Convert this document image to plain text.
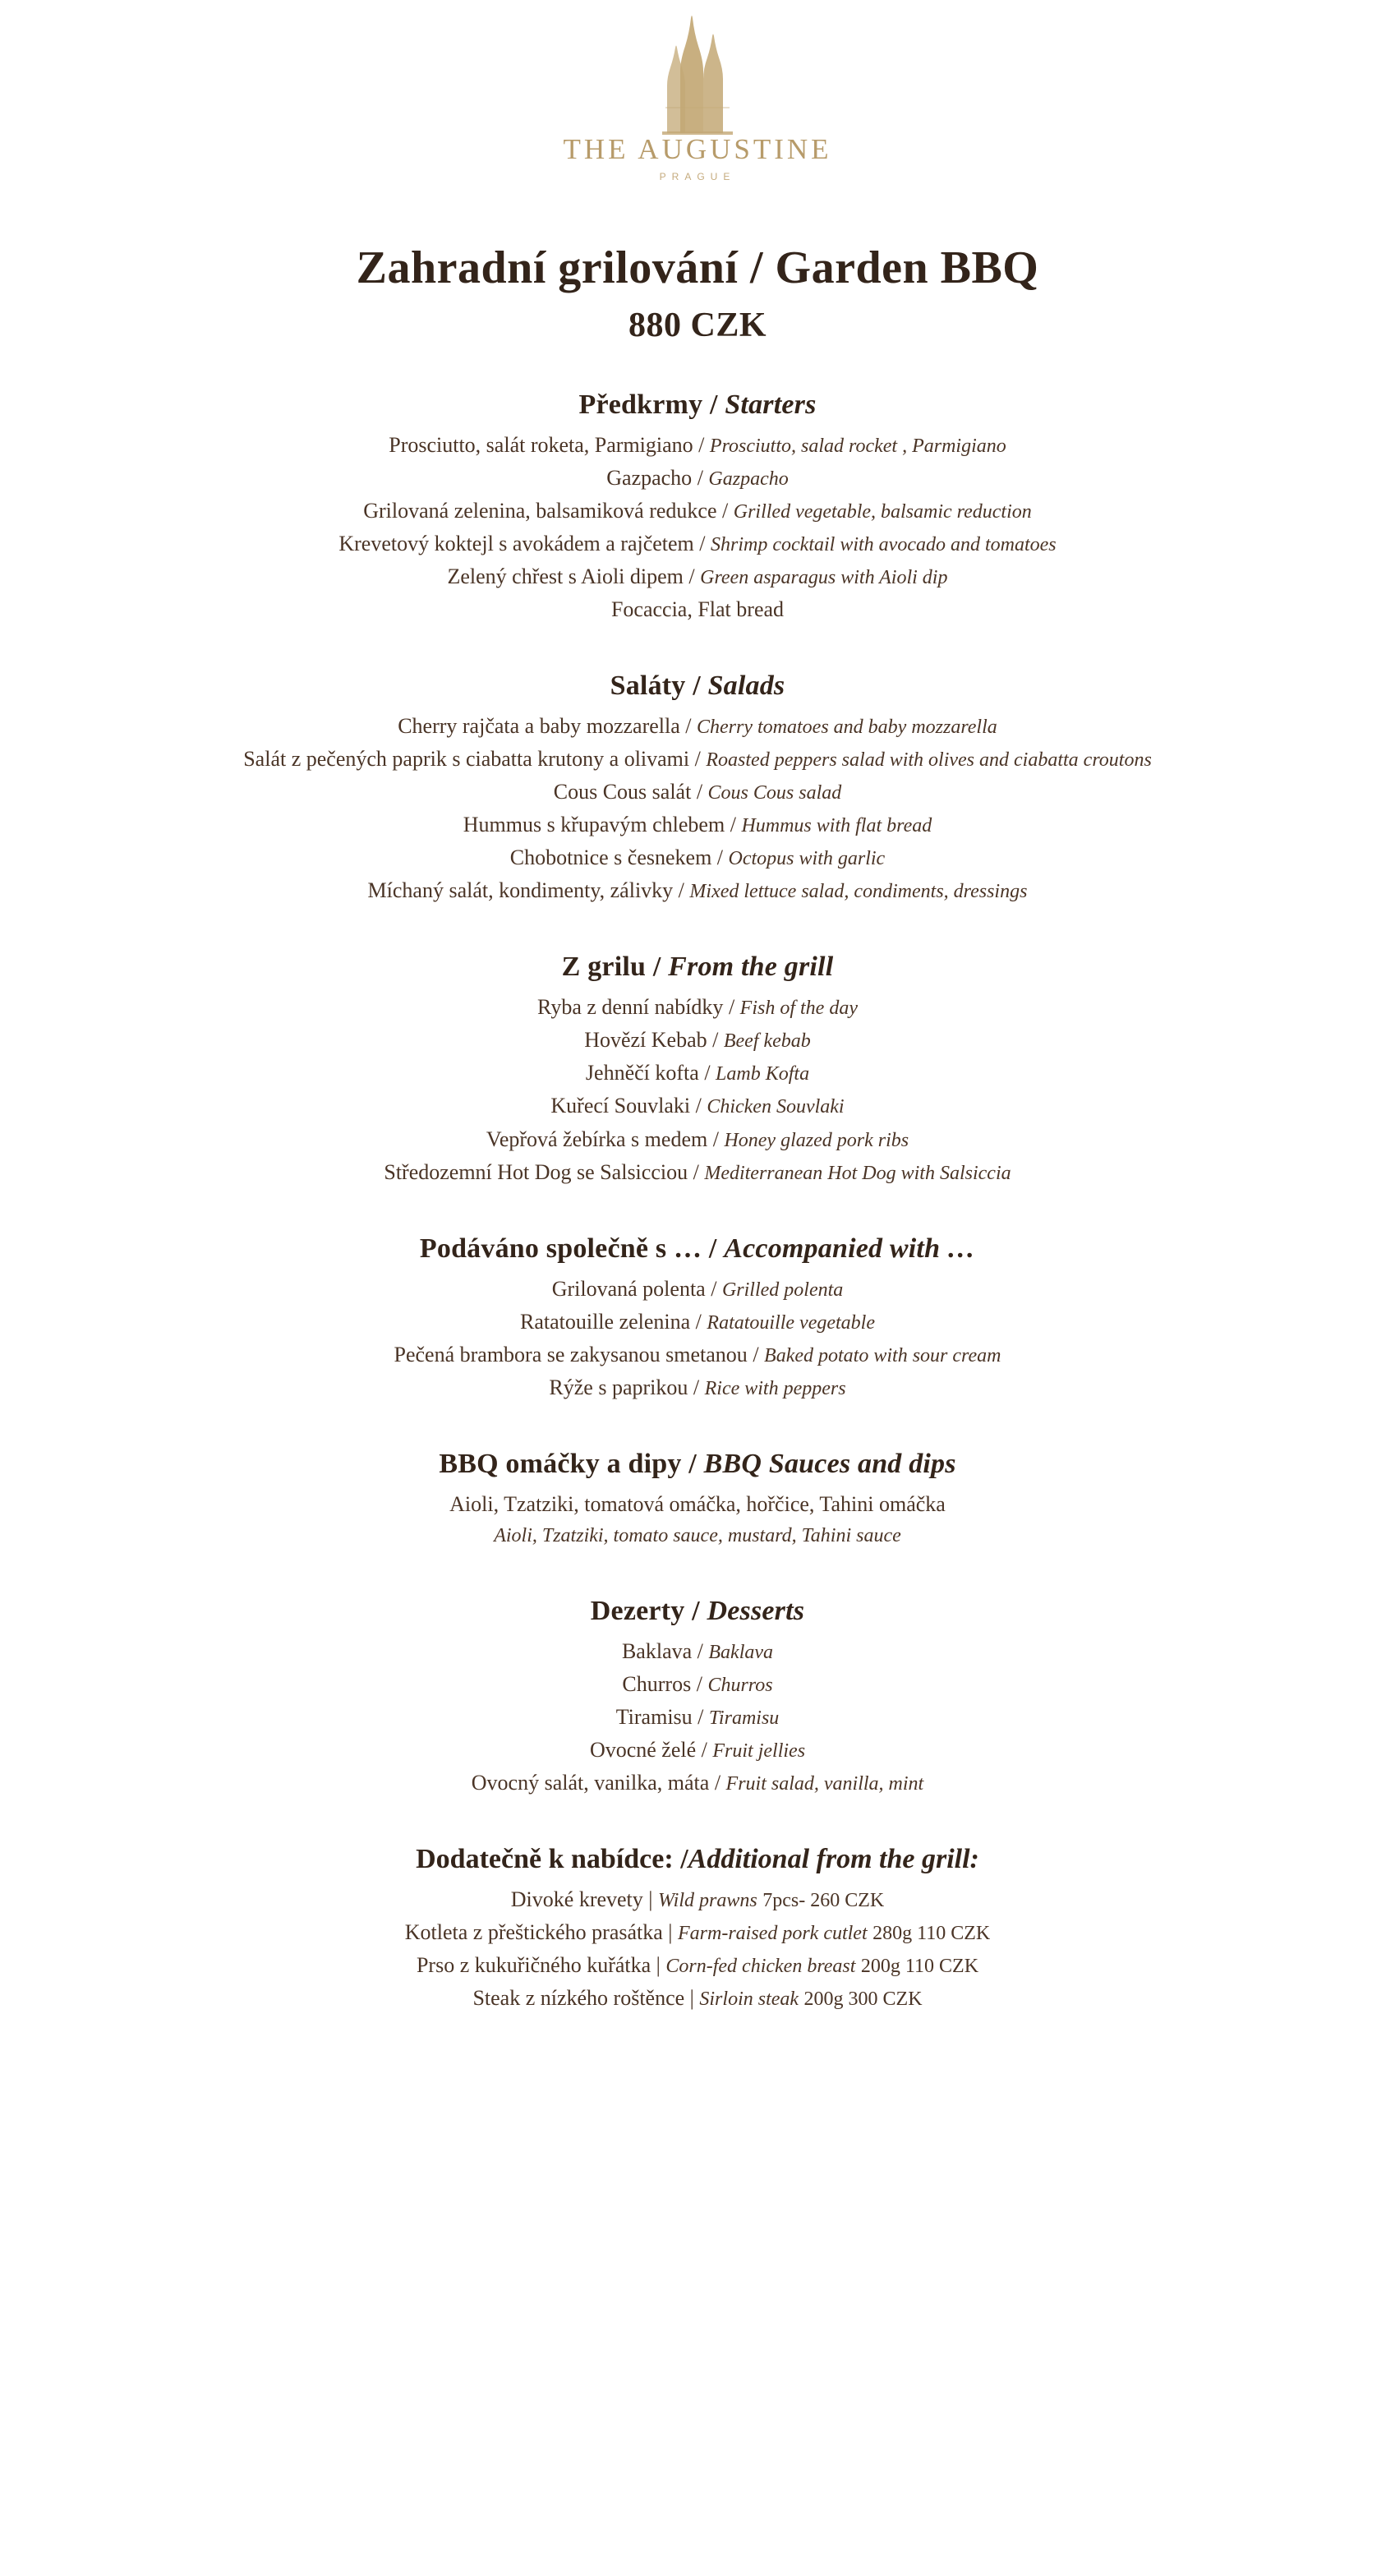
THE AUGUSTINE
PRAGUE
Zahradní grilování / Garden BBQ
880 CZK
Předkrmy / Starters
Prosciutto, salát roketa, Parmigiano / Prosciutto, salad rocket , Parmigiano
Gazpacho / Gazpacho
Grilovaná zelenina, balsamiková redukce / Grilled vegetable, balsamic reduction
Krevetový koktejl s avokádem a rajčetem / Shrimp cocktail with avocado and tomatoes
Zelený chřest s Aioli dipem / Green asparagus with Aioli dip
Focaccia, Flat bread
Saláty / Salads
Cherry rajčata a baby mozzarella / Cherry tomatoes and baby mozzarella
Salát z pečených paprik s ciabatta krutony a olivami / Roasted peppers salad with olives and ciabatta croutons
Cous Cous salát / Cous Cous salad
Hummus s křupavým chlebem / Hummus with flat bread
Chobotnice s česnekem / Octopus with garlic
Míchaný salát, kondimenty, zálivky / Mixed lettuce salad, condiments, dressings
Z grilu / From the grill
Ryba z denní nabídky / Fish of the day
Hovězí Kebab / Beef kebab
Jehněčí kofta / Lamb Kofta
Kuřecí Souvlaki / Chicken Souvlaki
Vepřová žebírka s medem / Honey glazed pork ribs
Středozemní Hot Dog se Salsicciou / Mediterranean Hot Dog with Salsiccia
Podáváno společně s … / Accompanied with …
Grilovaná polenta / Grilled polenta
Ratatouille zelenina / Ratatouille vegetable
Pečená brambora se zakysanou smetanou / Baked potato with sour cream
Rýže s paprikou / Rice with peppers
BBQ omáčky a dipy / BBQ Sauces and dips
Aioli, Tzatziki, tomatová omáčka, hořčice, Tahini omáčka
Aioli, Tzatziki, tomato sauce, mustard, Tahini sauce
Dezerty / Desserts
Baklava / Baklava
Churros / Churros
Tiramisu / Tiramisu
Ovocné želé / Fruit jellies
Ovocný salát, vanilka, máta / Fruit salad, vanilla, mint
Dodatečně k nabídce: /Additional from the grill:
Divoké krevety | Wild prawns 7pcs- 260 CZK
Kotleta z přeštického prasátka | Farm-raised pork cutlet 280g 110 CZK
Prso z kukuřičného kuřátka | Corn-fed chicken breast 200g 110 CZK
Steak z nízkého roštěnce | Sirloin steak 200g 300 CZK
